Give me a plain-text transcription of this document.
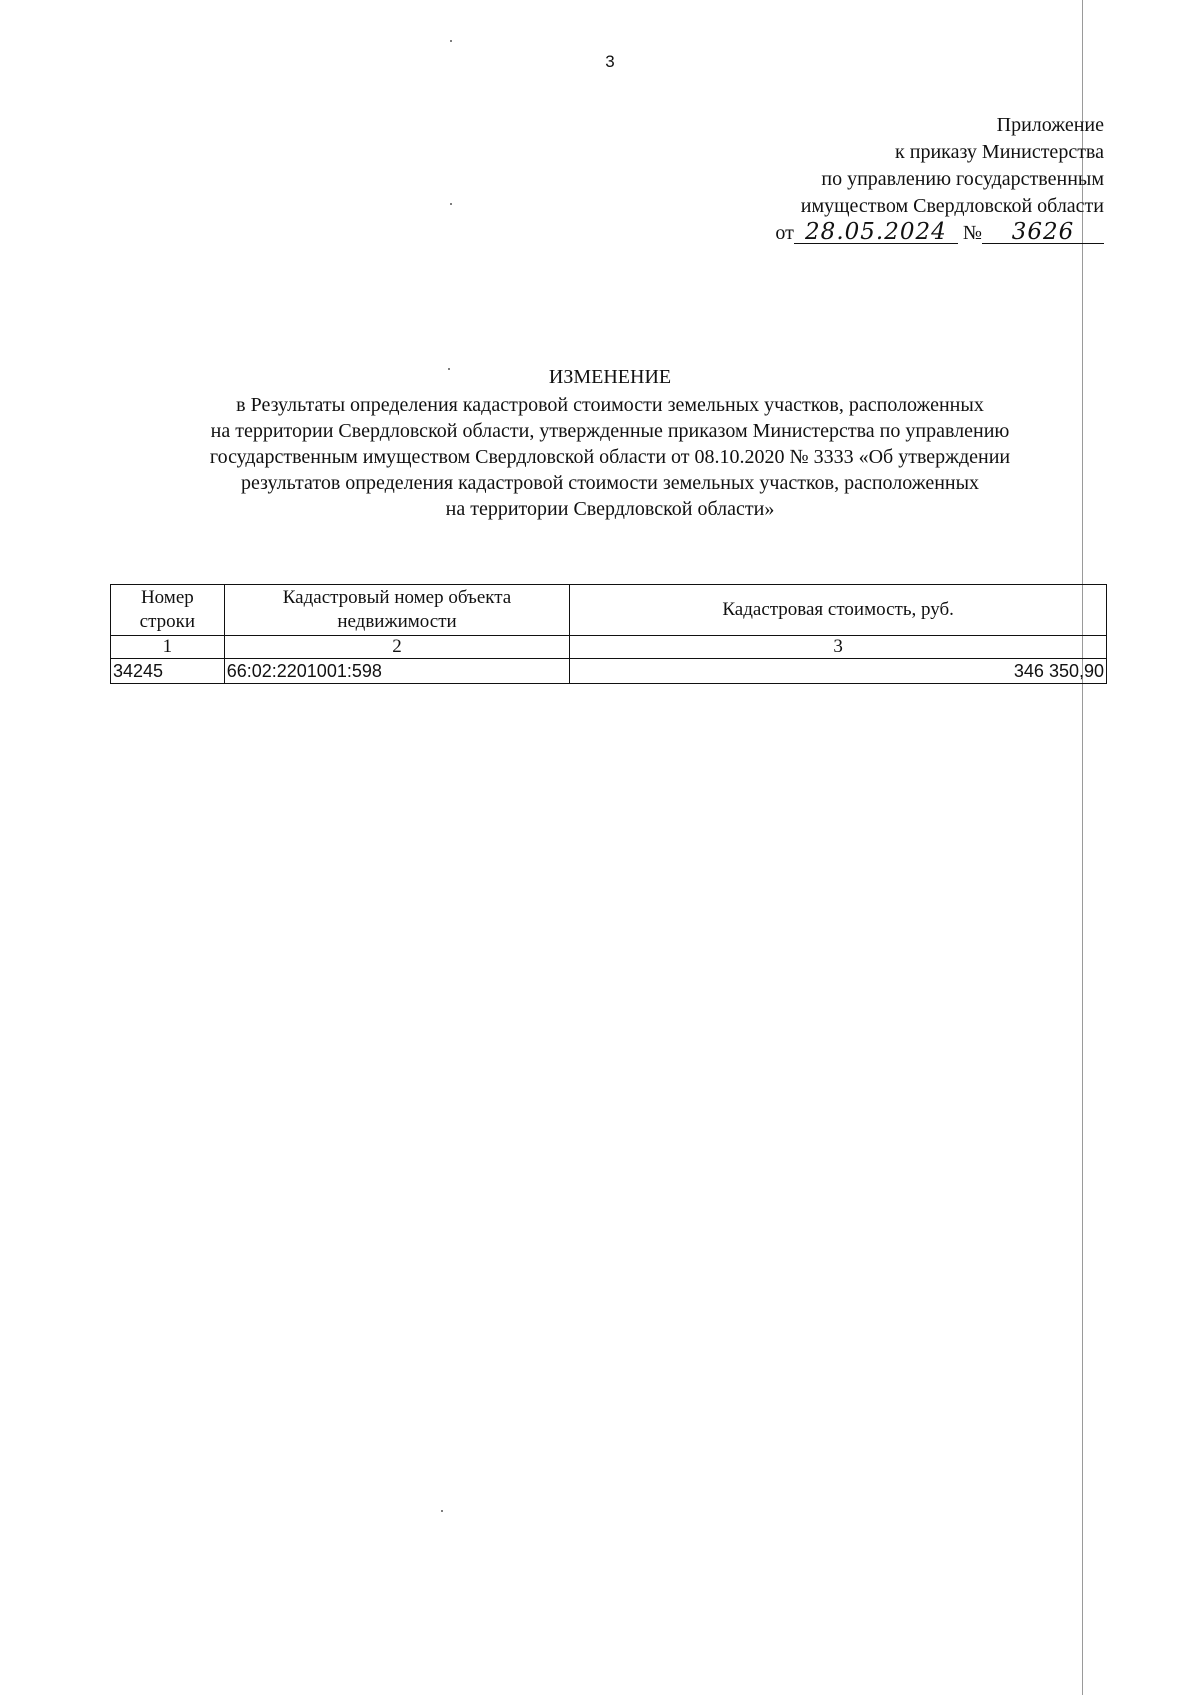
3
Приложение
к приказу Министерства
по управлению государственным
имуществом Свердловской области
от 28.05.2024 № 3626
ИЗМЕНЕНИЕ
в Результаты определения кадастровой стоимости земельных участков, расположенных
на территории Свердловской области, утвержденные приказом Министерства по управлению
государственным имуществом Свердловской области от 08.10.2020 № 3333 «Об утверждении
результатов определения кадастровой стоимости земельных участков, расположенных
на территории Свердловской области»
Номер строки	Кадастровый номер объекта недвижимости	Кадастровая стоимость, руб.
1	2	3
34245	66:02:2201001:598	346 350,90
